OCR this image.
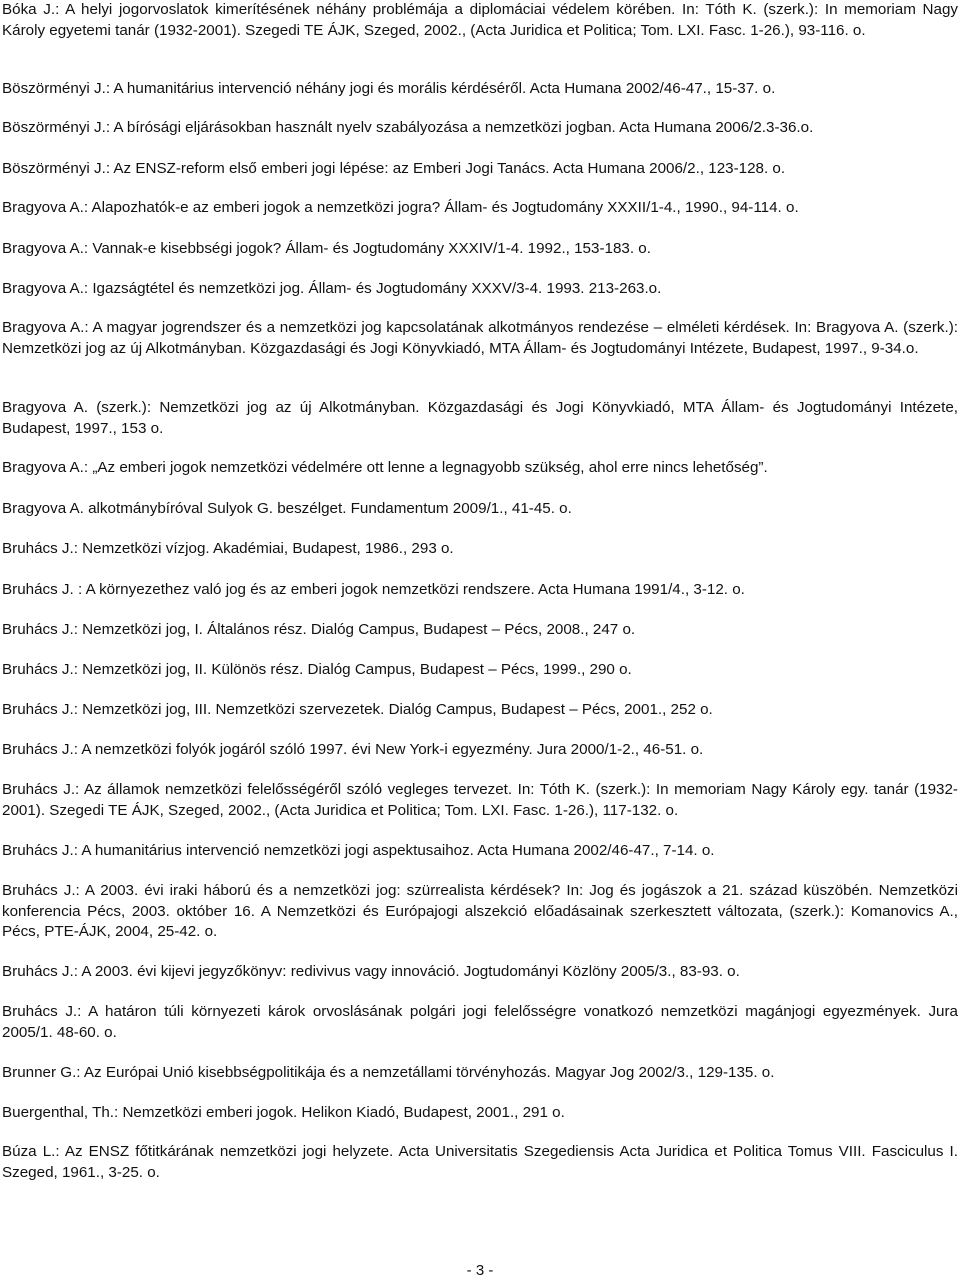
Bóka J.: A helyi jogorvoslatok kimerítésének néhány problémája a diplomáciai védelem körében. In: Tóth K. (szerk.): In memoriam Nagy Károly egyetemi tanár (1932-2001). Szegedi TE ÁJK, Szeged, 2002., (Acta Juridica et Politica; Tom. LXI. Fasc. 1-26.), 93-116. o.

Böszörményi J.: A humanitárius intervenció néhány jogi és morális kérdéséről. Acta Humana 2002/46-47., 15-37. o.

Böszörményi J.: A bírósági eljárásokban használt nyelv szabályozása a nemzetközi jogban. Acta Humana 2006/2.3-36.o.

Böszörményi J.: Az ENSZ-reform első emberi jogi lépése: az Emberi Jogi Tanács. Acta Humana 2006/2., 123-128. o.

Bragyova A.: Alapozhatók-e az emberi jogok a nemzetközi jogra? Állam- és Jogtudomány XXXII/1-4., 1990., 94-114. o.

Bragyova A.: Vannak-e kisebbségi jogok? Állam- és Jogtudomány XXXIV/1-4. 1992., 153-183. o.

Bragyova A.: Igazságtétel és nemzetközi jog. Állam- és Jogtudomány XXXV/3-4. 1993. 213-263.o.

Bragyova A.: A magyar jogrendszer és a nemzetközi jog kapcsolatának alkotmányos rendezése – elméleti kérdések. In: Bragyova A. (szerk.): Nemzetközi jog az új Alkotmányban. Közgazdasági és Jogi Könyvkiadó, MTA Állam- és Jogtudományi Intézete, Budapest, 1997., 9-34.o.

Bragyova A. (szerk.): Nemzetközi jog az új Alkotmányban. Közgazdasági és Jogi Könyvkiadó, MTA Állam- és Jogtudományi Intézete, Budapest, 1997., 153 o.

Bragyova A.: „Az emberi jogok nemzetközi védelmére ott lenne a legnagyobb szükség, ahol erre nincs lehetőség”.

Bragyova A. alkotmánybíróval Sulyok G. beszélget. Fundamentum 2009/1., 41-45. o.

Bruhács J.: Nemzetközi vízjog. Akadémiai, Budapest, 1986., 293 o.

Bruhács J. : A környezethez való jog és az emberi jogok nemzetközi rendszere. Acta Humana 1991/4., 3-12. o.

Bruhács J.: Nemzetközi jog, I. Általános rész. Dialóg Campus, Budapest – Pécs, 2008., 247 o.

Bruhács J.: Nemzetközi jog, II. Különös rész. Dialóg Campus, Budapest – Pécs, 1999., 290 o.

Bruhács J.: Nemzetközi jog, III. Nemzetközi szervezetek. Dialóg Campus, Budapest – Pécs, 2001., 252 o.

Bruhács J.: A nemzetközi folyók jogáról szóló 1997. évi New York-i egyezmény. Jura 2000/1-2., 46-51. o.

Bruhács J.: Az államok nemzetközi felelősségéről szóló vegleges tervezet. In: Tóth K. (szerk.): In memoriam Nagy Károly egy. tanár (1932-2001). Szegedi TE ÁJK, Szeged, 2002., (Acta Juridica et Politica; Tom. LXI. Fasc. 1-26.), 117-132. o.

Bruhács J.: A humanitárius intervenció nemzetközi jogi aspektusaihoz. Acta Humana 2002/46-47., 7-14. o.

Bruhács J.: A 2003. évi iraki háború és a nemzetközi jog: szürrealista kérdések? In: Jog és jogászok a 21. század küszöbén. Nemzetközi konferencia Pécs, 2003. október 16. A Nemzetközi és Európajogi alszekció előadásainak szerkesztett változata, (szerk.): Komanovics A., Pécs, PTE-ÁJK, 2004, 25-42. o.

Bruhács J.: A 2003. évi kijevi jegyzőkönyv: redivivus vagy innováció. Jogtudományi Közlöny 2005/3., 83-93. o.

Bruhács J.: A határon túli környezeti károk orvoslásának polgári jogi felelősségre vonatkozó nemzetközi magánjogi egyezmények. Jura 2005/1. 48-60. o.

Brunner G.: Az Európai Unió kisebbségpolitikája és a nemzetállami törvényhozás. Magyar Jog 2002/3., 129-135. o.

Buergenthal, Th.: Nemzetközi emberi jogok. Helikon Kiadó, Budapest, 2001., 291 o.

Búza L.: Az ENSZ főtitkárának nemzetközi jogi helyzete. Acta Universitatis Szegediensis Acta Juridica et Politica Tomus VIII. Fasciculus I. Szeged, 1961., 3-25. o.

- 3 -
